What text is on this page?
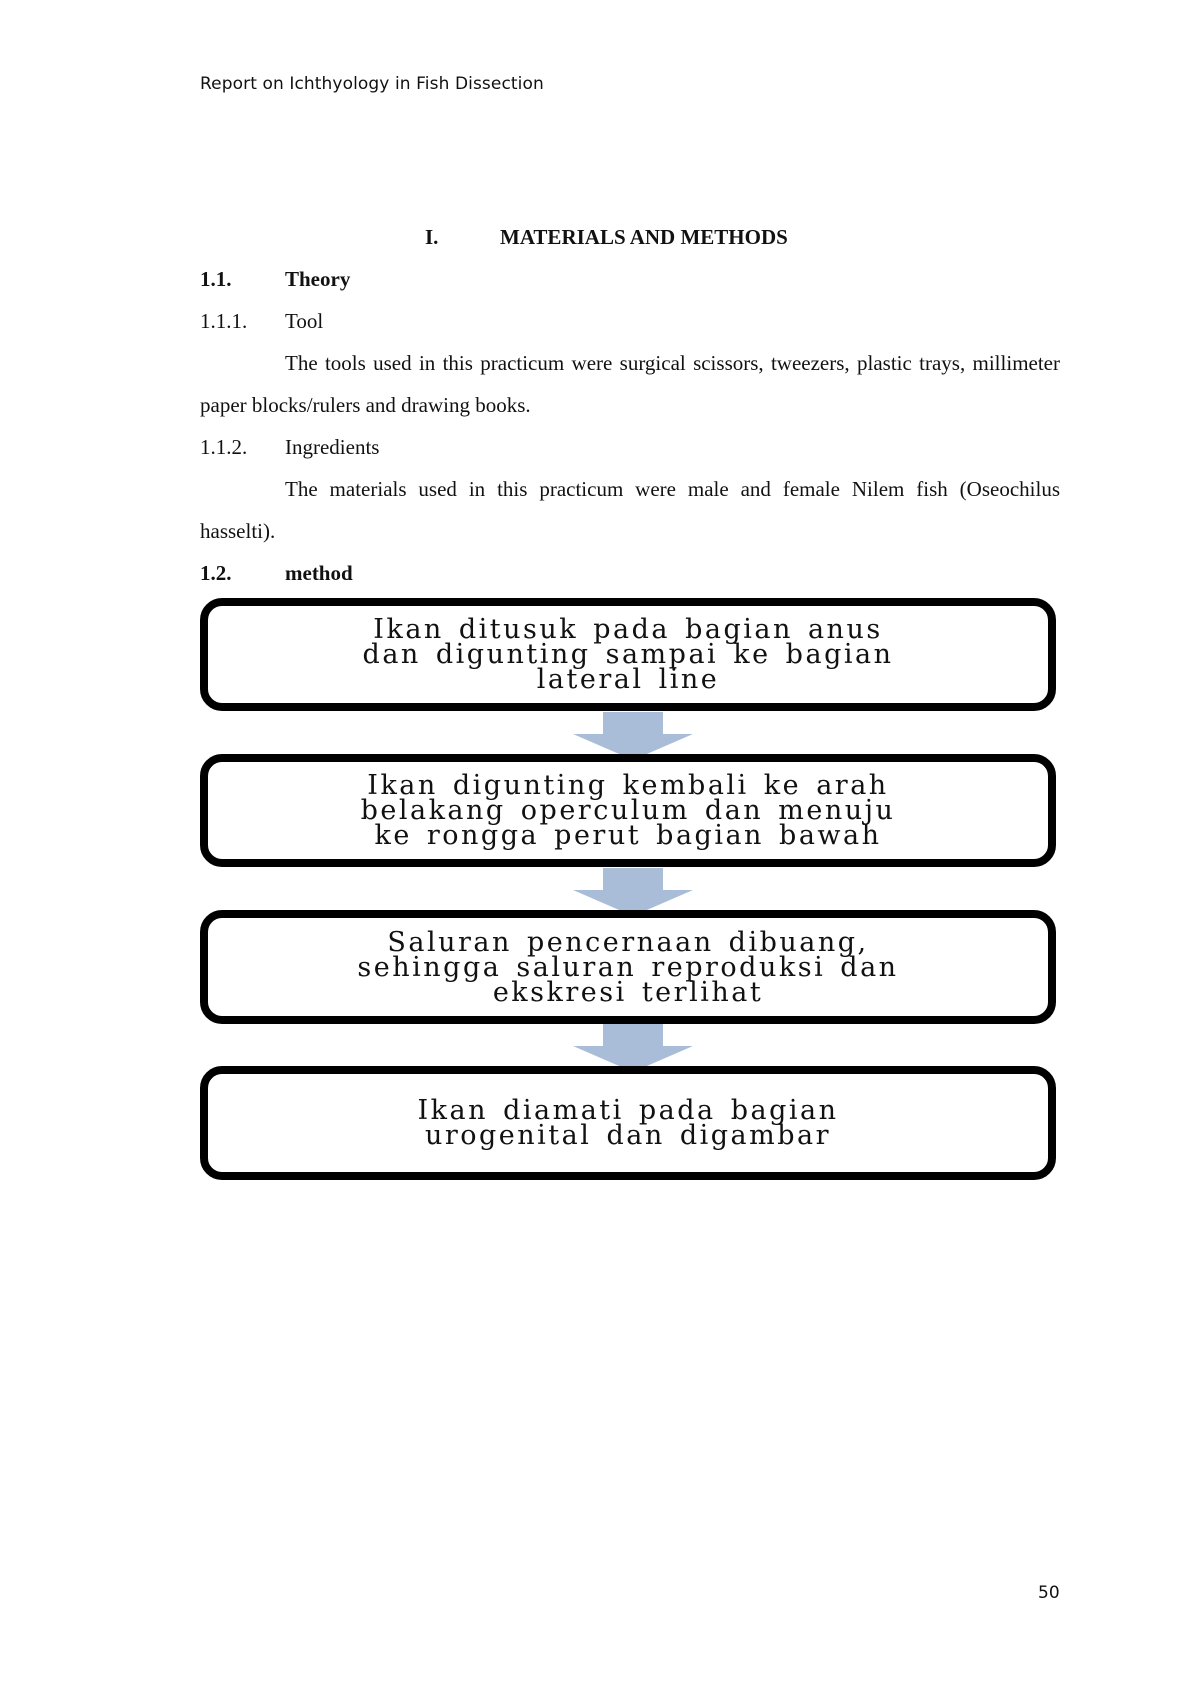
Report on Ichthyology in Fish Dissection
I.	MATERIALS AND METHODS
1.1.	Theory
1.1.1. Tool

The tools used in this practicum were surgical scissors, tweezers, plastic trays, millimeter paper blocks/rulers and drawing books.

1.1.2. Ingredients

The materials used in this practicum were male and female Nilem fish (Oseochilus hasselti).

1.2.	method
Ikan ditusuk pada bagian anus
dan digunting sampai ke bagian
lateral line
Ikan digunting kembali ke arah
belakang operculum dan menuju
ke rongga perut bagian bawah
Saluran pencernaan dibuang,
sehingga saluran reproduksi dan
ekskresi terlihat
Ikan diamati pada bagian
urogenital dan digambar
50
